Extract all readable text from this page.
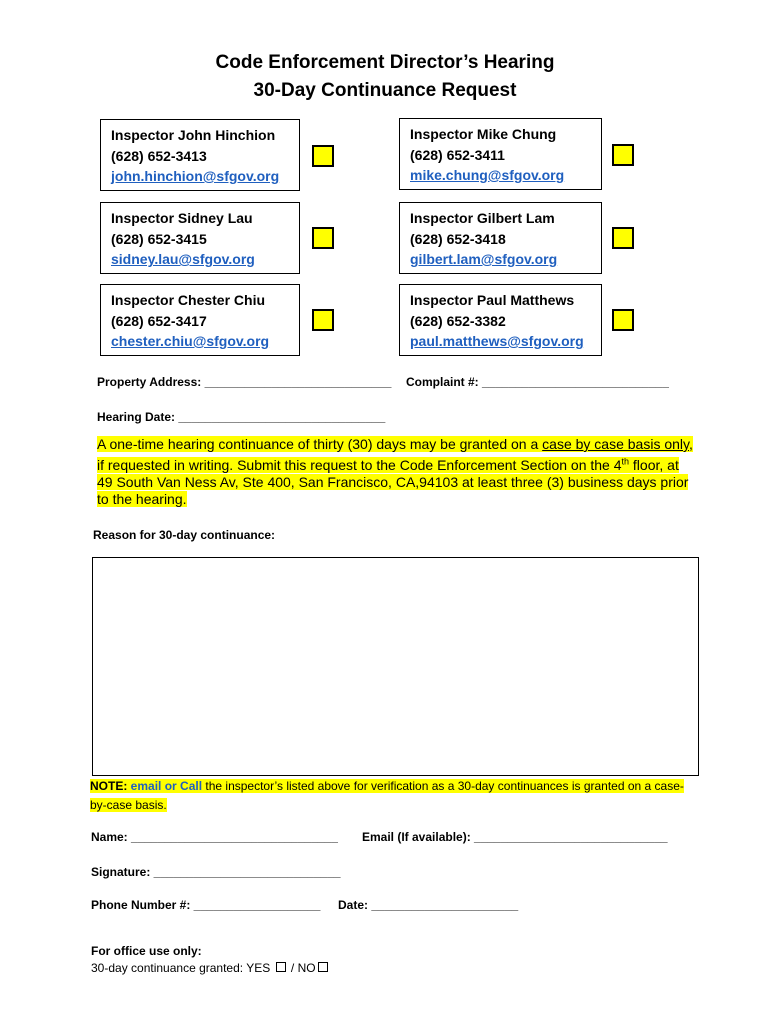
Code Enforcement Director’s Hearing
30-Day Continuance Request
Inspector John Hinchion
(628) 652-3413
john.hinchion@sfgov.org
Inspector Mike Chung
(628) 652-3411
mike.chung@sfgov.org
Inspector Sidney Lau
(628) 652-3415
sidney.lau@sfgov.org
Inspector Gilbert Lam
(628) 652-3418
gilbert.lam@sfgov.org
Inspector Chester Chiu
(628) 652-3417
chester.chiu@sfgov.org
Inspector Paul Matthews
(628) 652-3382
paul.matthews@sfgov.org
Property Address: ____________________________ Complaint #: ____________________________
Hearing Date: _______________________________
A one-time hearing continuance of thirty (30) days may be granted on a case by case basis only, if requested in writing. Submit this request to the Code Enforcement Section on the 4th floor, at 49 South Van Ness Av, Ste 400, San Francisco, CA,94103 at least three (3) business days prior to the hearing.
Reason for 30-day continuance:
NOTE: email or Call the inspector’s listed above for verification as a 30-day continuances is granted on a case-by-case basis.
Name: _______________________________ Email (If available): _____________________________
Signature: ____________________________
Phone Number #: ___________________ Date: ______________________
For office use only:
30-day continuance granted: YES  / NO
